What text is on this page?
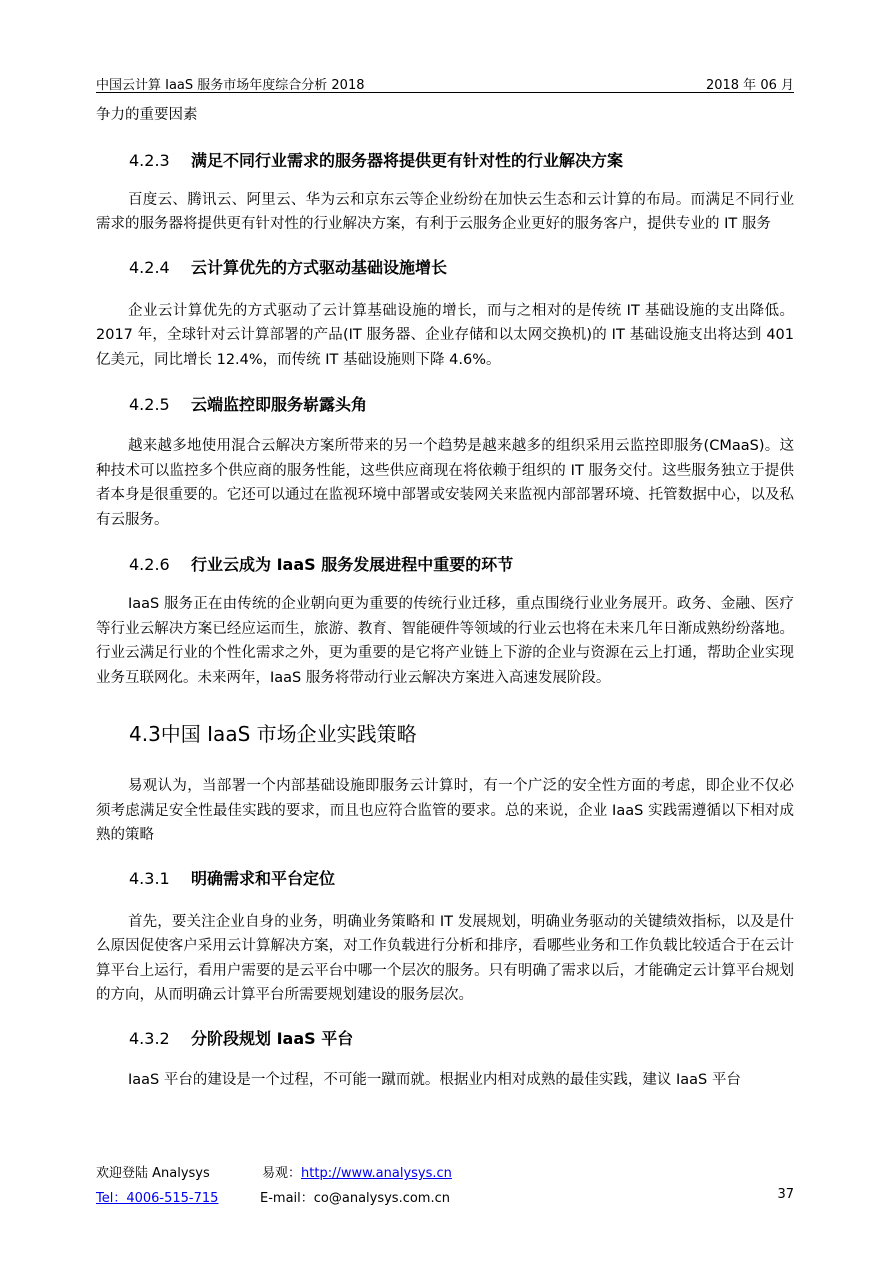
中国云计算 IaaS 服务市场年度综合分析 2018	2018 年 06 月

争力的重要因素

4.2.3 满足不同行业需求的服务器将提供更有针对性的行业解决方案

百度云、腾讯云、阿里云、华为云和京东云等企业纷纷在加快云生态和云计算的布局。而满足不同行业需求的服务器将提供更有针对性的行业解决方案，有利于云服务企业更好的服务客户，提供专业的 IT 服务

4.2.4 云计算优先的方式驱动基础设施增长

企业云计算优先的方式驱动了云计算基础设施的增长，而与之相对的是传统 IT 基础设施的支出降低。2017 年，全球针对云计算部署的产品(IT 服务器、企业存储和以太网交换机)的 IT 基础设施支出将达到 401 亿美元，同比增长 12.4%，而传统 IT 基础设施则下降 4.6%。

4.2.5 云端监控即服务崭露头角

越来越多地使用混合云解决方案所带来的另一个趋势是越来越多的组织采用云监控即服务(CMaaS)。这种技术可以监控多个供应商的服务性能，这些供应商现在将依赖于组织的 IT 服务交付。这些服务独立于提供者本身是很重要的。它还可以通过在监视环境中部署或安装网关来监视内部部署环境、托管数据中心，以及私有云服务。

4.2.6 行业云成为 IaaS 服务发展进程中重要的环节

IaaS 服务正在由传统的企业朝向更为重要的传统行业迁移，重点围绕行业业务展开。政务、金融、医疗等行业云解决方案已经应运而生，旅游、教育、智能硬件等领域的行业云也将在未来几年日渐成熟纷纷落地。行业云满足行业的个性化需求之外，更为重要的是它将产业链上下游的企业与资源在云上打通，帮助企业实现业务互联网化。未来两年，IaaS 服务将带动行业云解决方案进入高速发展阶段。

4.3中国 IaaS 市场企业实践策略

易观认为，当部署一个内部基础设施即服务云计算时，有一个广泛的安全性方面的考虑，即企业不仅必须考虑满足安全性最佳实践的要求，而且也应符合监管的要求。总的来说，企业 IaaS 实践需遵循以下相对成熟的策略

4.3.1 明确需求和平台定位

首先，要关注企业自身的业务，明确业务策略和 IT 发展规划，明确业务驱动的关键绩效指标，以及是什么原因促使客户采用云计算解决方案，对工作负载进行分析和排序，看哪些业务和工作负载比较适合于在云计算平台上运行，看用户需要的是云平台中哪一个层次的服务。只有明确了需求以后，才能确定云计算平台规划的方向，从而明确云计算平台所需要规划建设的服务层次。

4.3.2 分阶段规划 IaaS 平台

IaaS 平台的建设是一个过程，不可能一蹴而就。根据业内相对成熟的最佳实践，建议 IaaS 平台

欢迎登陆 Analysys	易观：http://www.analysys.cn
Tel：4006-515-715	E-mail：co@analysys.com.cn	37
